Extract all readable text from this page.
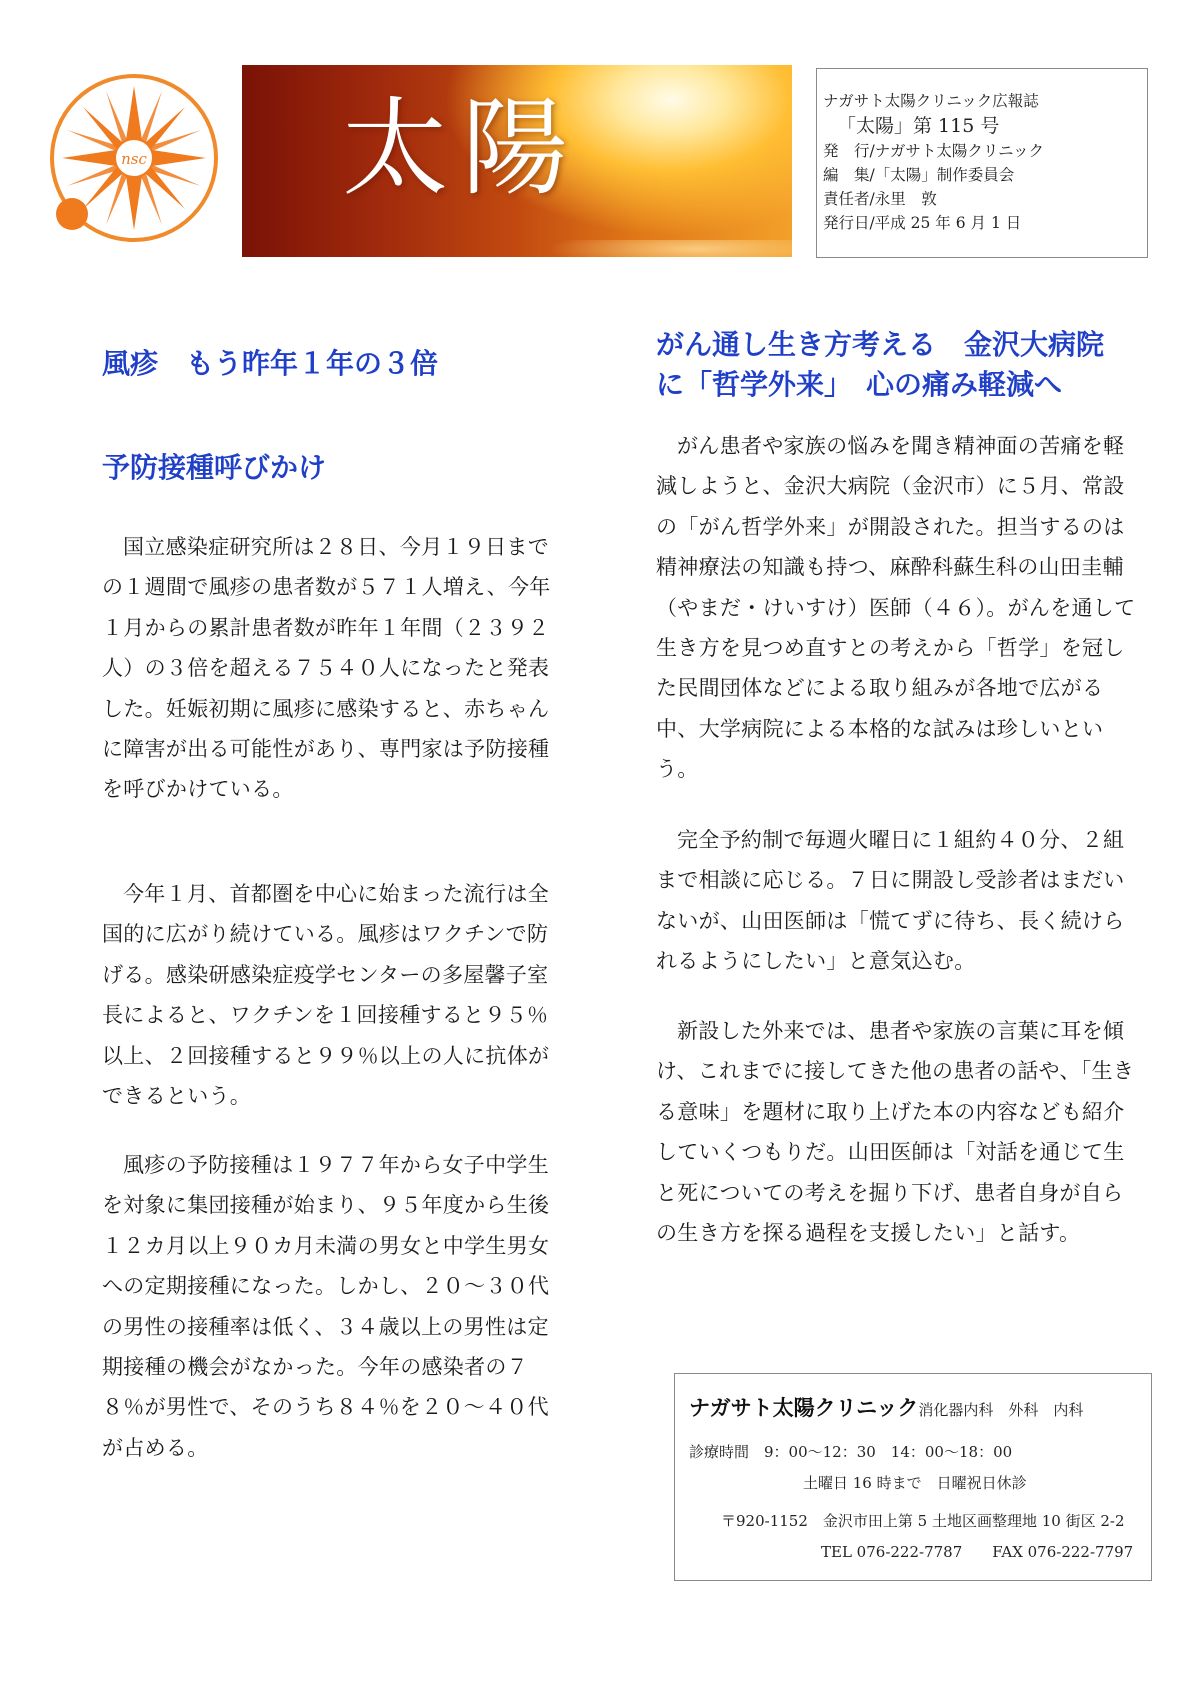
nsc 太陽	ナガサト太陽クリニック広報誌
「太陽」第 115 号
発　行/ナガサト太陽クリニック
編　集/「太陽」制作委員会
責任者/永里　敦
発行日/平成 25 年 6 月 1 日
風疹　もう昨年１年の３倍
予防接種呼びかけ

国立感染症研究所は２８日、今月１９日までの１週間で風疹の患者数が５７１人増え、今年１月からの累計患者数が昨年１年間（２３９２人）の３倍を超える７５４０人になったと発表した。妊娠初期に風疹に感染すると、赤ちゃんに障害が出る可能性があり、専門家は予防接種を呼びかけている。

今年１月、首都圏を中心に始まった流行は全国的に広がり続けている。風疹はワクチンで防げる。感染研感染症疫学センターの多屋馨子室長によると、ワクチンを１回接種すると９５％以上、２回接種すると９９％以上の人に抗体ができるという。

風疹の予防接種は１９７７年から女子中学生を対象に集団接種が始まり、９５年度から生後１２カ月以上９０カ月未満の男女と中学生男女への定期接種になった。しかし、２０～３０代の男性の接種率は低く、３４歳以上の男性は定期接種の機会がなかった。今年の感染者の７８％が男性で、そのうち８４％を２０～４０代が占める。

がん通し生き方考える　金沢大病院
に「哲学外来」　心の痛み軽減へ

がん患者や家族の悩みを聞き精神面の苦痛を軽減しようと、金沢大病院（金沢市）に５月、常設の「がん哲学外来」が開設された。担当するのは精神療法の知識も持つ、麻酔科蘇生科の山田圭輔（やまだ・けいすけ）医師（４６）。がんを通して生き方を見つめ直すとの考えから「哲学」を冠した民間団体などによる取り組みが各地で広がる中、大学病院による本格的な試みは珍しいという。

完全予約制で毎週火曜日に１組約４０分、２組まで相談に応じる。７日に開設し受診者はまだいないが、山田医師は「慌てずに待ち、長く続けられるようにしたい」と意気込む。

新設した外来では、患者や家族の言葉に耳を傾け、これまでに接してきた他の患者の話や、「生きる意味」を題材に取り上げた本の内容なども紹介していくつもりだ。山田医師は「対話を通じて生と死についての考えを掘り下げ、患者自身が自らの生き方を探る過程を支援したい」と話す。

ナガサト太陽クリニック消化器内科　外科　内科
診療時間　9：00～12：30　14：00～18：00
土曜日 16 時まで　日曜祝日休診
〒920-1152　金沢市田上第 5 土地区画整理地 10 街区 2-2
TEL 076-222-7787　　FAX 076-222-7797
